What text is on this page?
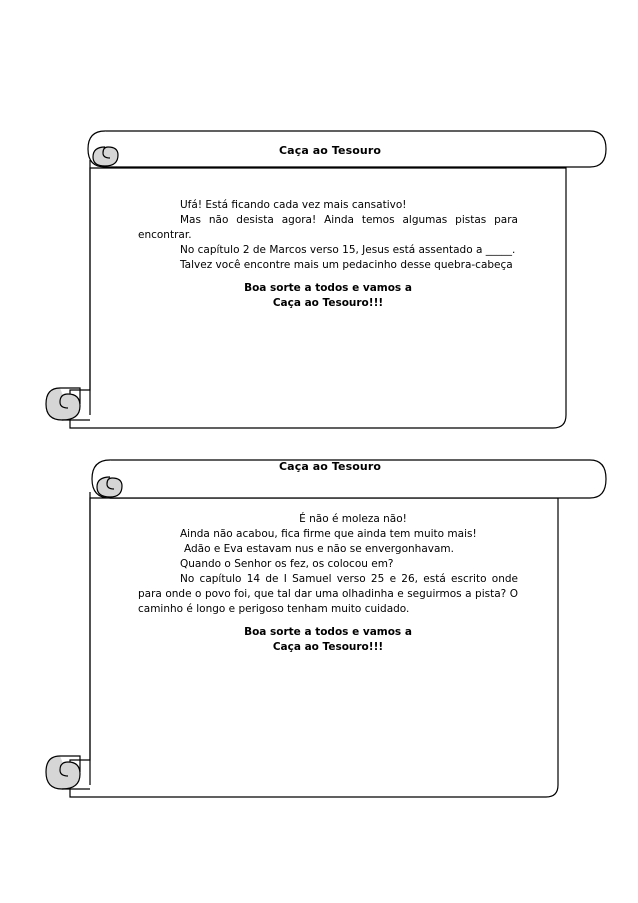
Caça ao Tesouro

Ufá! Está ficando cada vez mais cansativo!

Mas não desista agora! Ainda temos algumas pistas para encontrar.

No capítulo 2 de Marcos verso 15, Jesus está assentado a _____.

Talvez você encontre mais um pedacinho desse quebra-cabeça

Boa sorte a todos e vamos a
Caça ao Tesouro!!!

Caça ao Tesouro

É não é moleza não!

Ainda não acabou, fica firme que ainda tem muito mais!

Adão e Eva estavam nus e não se envergonhavam.

Quando o Senhor os fez, os colocou em?

No capítulo 14 de I Samuel verso 25 e 26, está escrito onde para onde o povo foi, que tal dar uma olhadinha e seguirmos a pista? O caminho é longo e perigoso tenham muito cuidado.

Boa sorte a todos e vamos a
Caça ao Tesouro!!!
